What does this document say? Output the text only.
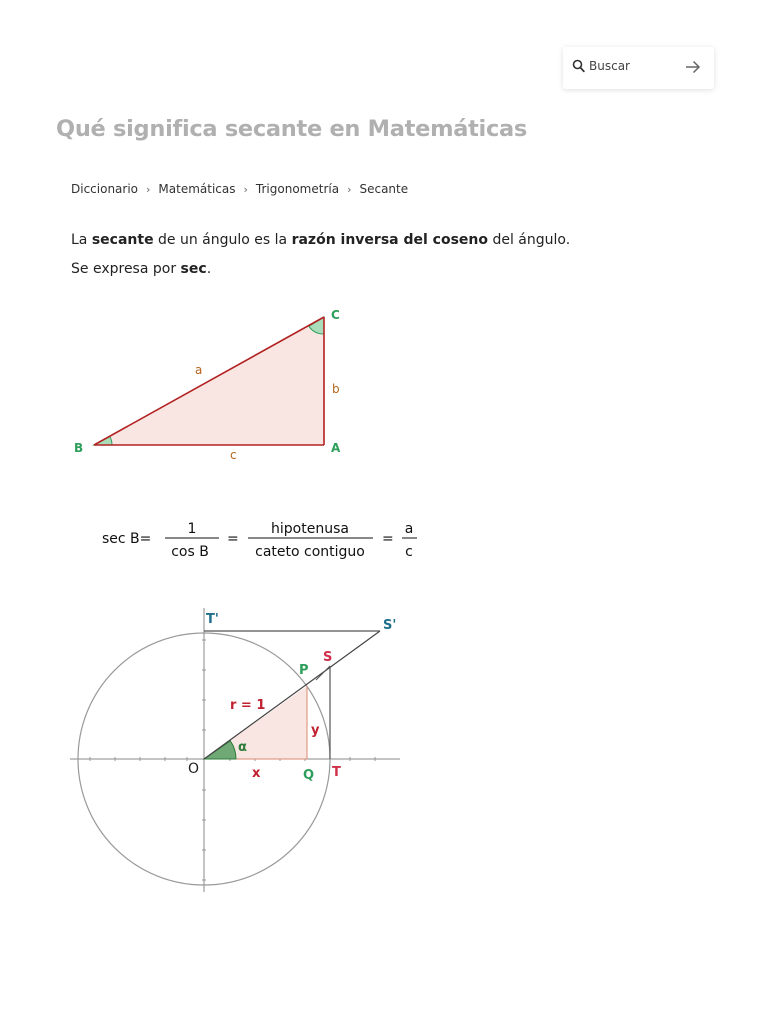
Buscar
Qué significa secante en Matemáticas
Diccionario › Matemáticas › Trigonometría › Secante
La secante de un ángulo es la razón inversa del coseno del ángulo.
Se expresa por sec.
B	A
C
a
b
c
sec B=
1
cos B
=
hipotenusa
cateto contiguo
=
a
c
T'	S'
P
S
r = 1
y
α
O	x	Q T
